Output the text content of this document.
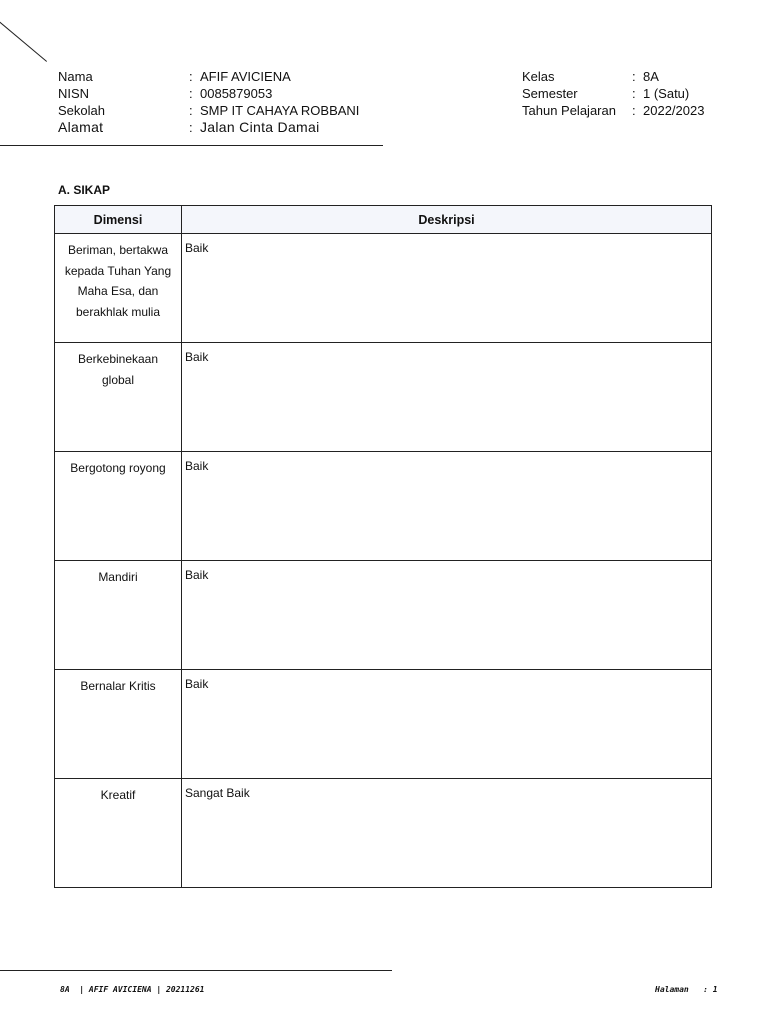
Nama	: AFIF AVICIENA
NISN	: 0085879053
Sekolah	: SMP IT CAHAYA ROBBANI
Alamat	: Jalan Cinta Damai
Kelas	: 8A
Semester	: 1 (Satu)
Tahun Pelajaran	: 2022/2023
A. SIKAP
Dimensi	Deskripsi
Beriman, bertakwa kepada Tuhan Yang Maha Esa, dan berakhlak mulia	Baik
Berkebinekaan global	Baik
Bergotong royong	Baik
Mandiri	Baik
Bernalar Kritis	Baik
Kreatif	Sangat Baik
8A  | AFIF AVICIENA | 20211261	Halaman   : 1
